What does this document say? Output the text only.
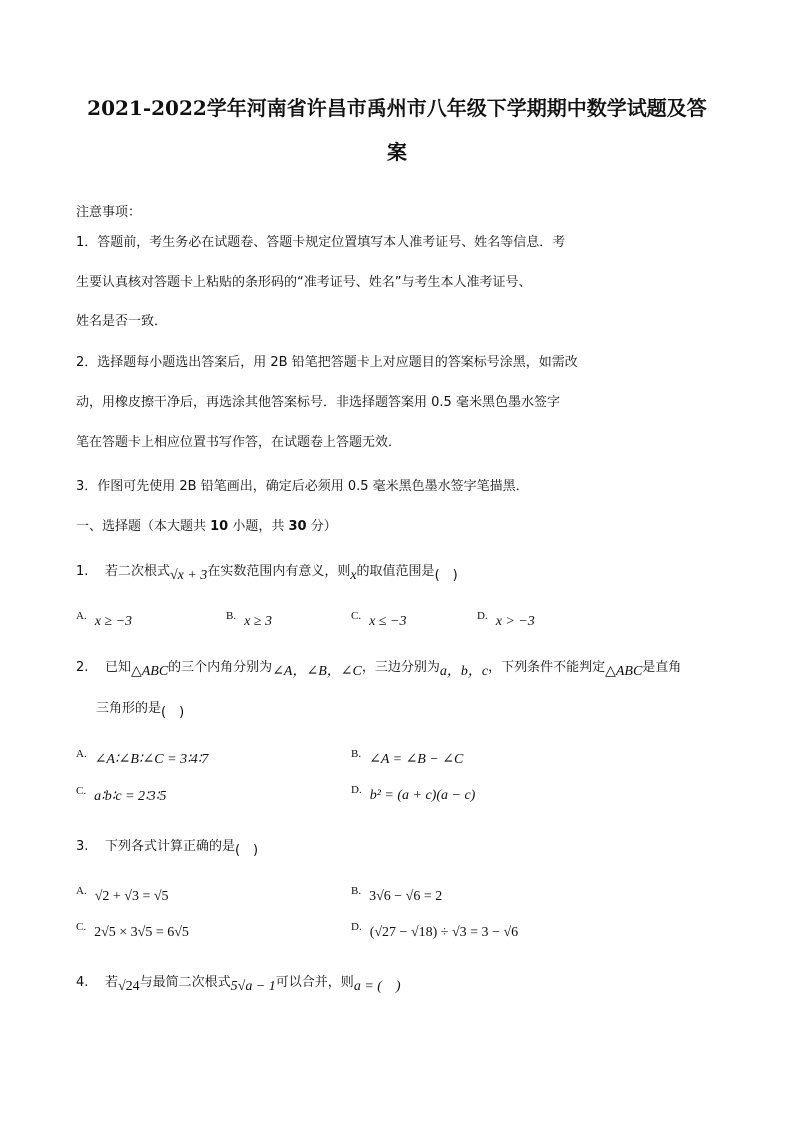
2021-2022学年河南省许昌市禹州市八年级下学期期中数学试题及答
案
注意事项：
1．答题前，考生务必在试题卷、答题卡规定位置填写本人准考证号、姓名等信息．考
生要认真核对答题卡上粘贴的条形码的“准考证号、姓名”与考生本人准考证号、
姓名是否一致．
2．选择题每小题选出答案后，用 2B 铅笔把答题卡上对应题目的答案标号涂黑，如需改
动，用橡皮擦干净后，再选涂其他答案标号．非选择题答案用 0.5 毫米黑色墨水签字
笔在答题卡上相应位置书写作答，在试题卷上答题无效．
3．作图可先使用 2B 铅笔画出，确定后必须用 0.5 毫米黑色墨水签字笔描黑．
一、选择题（本大题共 10 小题，共 30 分）
1. 若二次根式√x + 3在实数范围内有意义，则x的取值范围是(　)
$^{A.}$ x ≥ −3	$^{B.}$ x ≥ 3	$^{C.}$ x ≤ −3	$^{D.}$ x > −3
2. 已知△ABC的三个内角分别为∠A，∠B，∠C，三边分别为a，b，c，下列条件不能判定△ABC是直角
三角形的是(　)
$^{A.}$ ∠A∶∠B∶∠C = 3∶4∶7	$^{B.}$ ∠A = ∠B − ∠C
$^{C.}$ a∶b∶c = 2∶3∶5	$^{D.}$ b² = (a + c)(a − c)
3. 下列各式计算正确的是(　)
$^{A.}$ √2 + √3 = √5	$^{B.}$ 3√6 − √6 = 2
$^{C.}$ 2√5 × 3√5 = 6√5	$^{D.}$ (√27 − √18) ÷ √3 = 3 − √6
4. 若√24与最简二次根式5√a − 1可以合并，则a = (　)
